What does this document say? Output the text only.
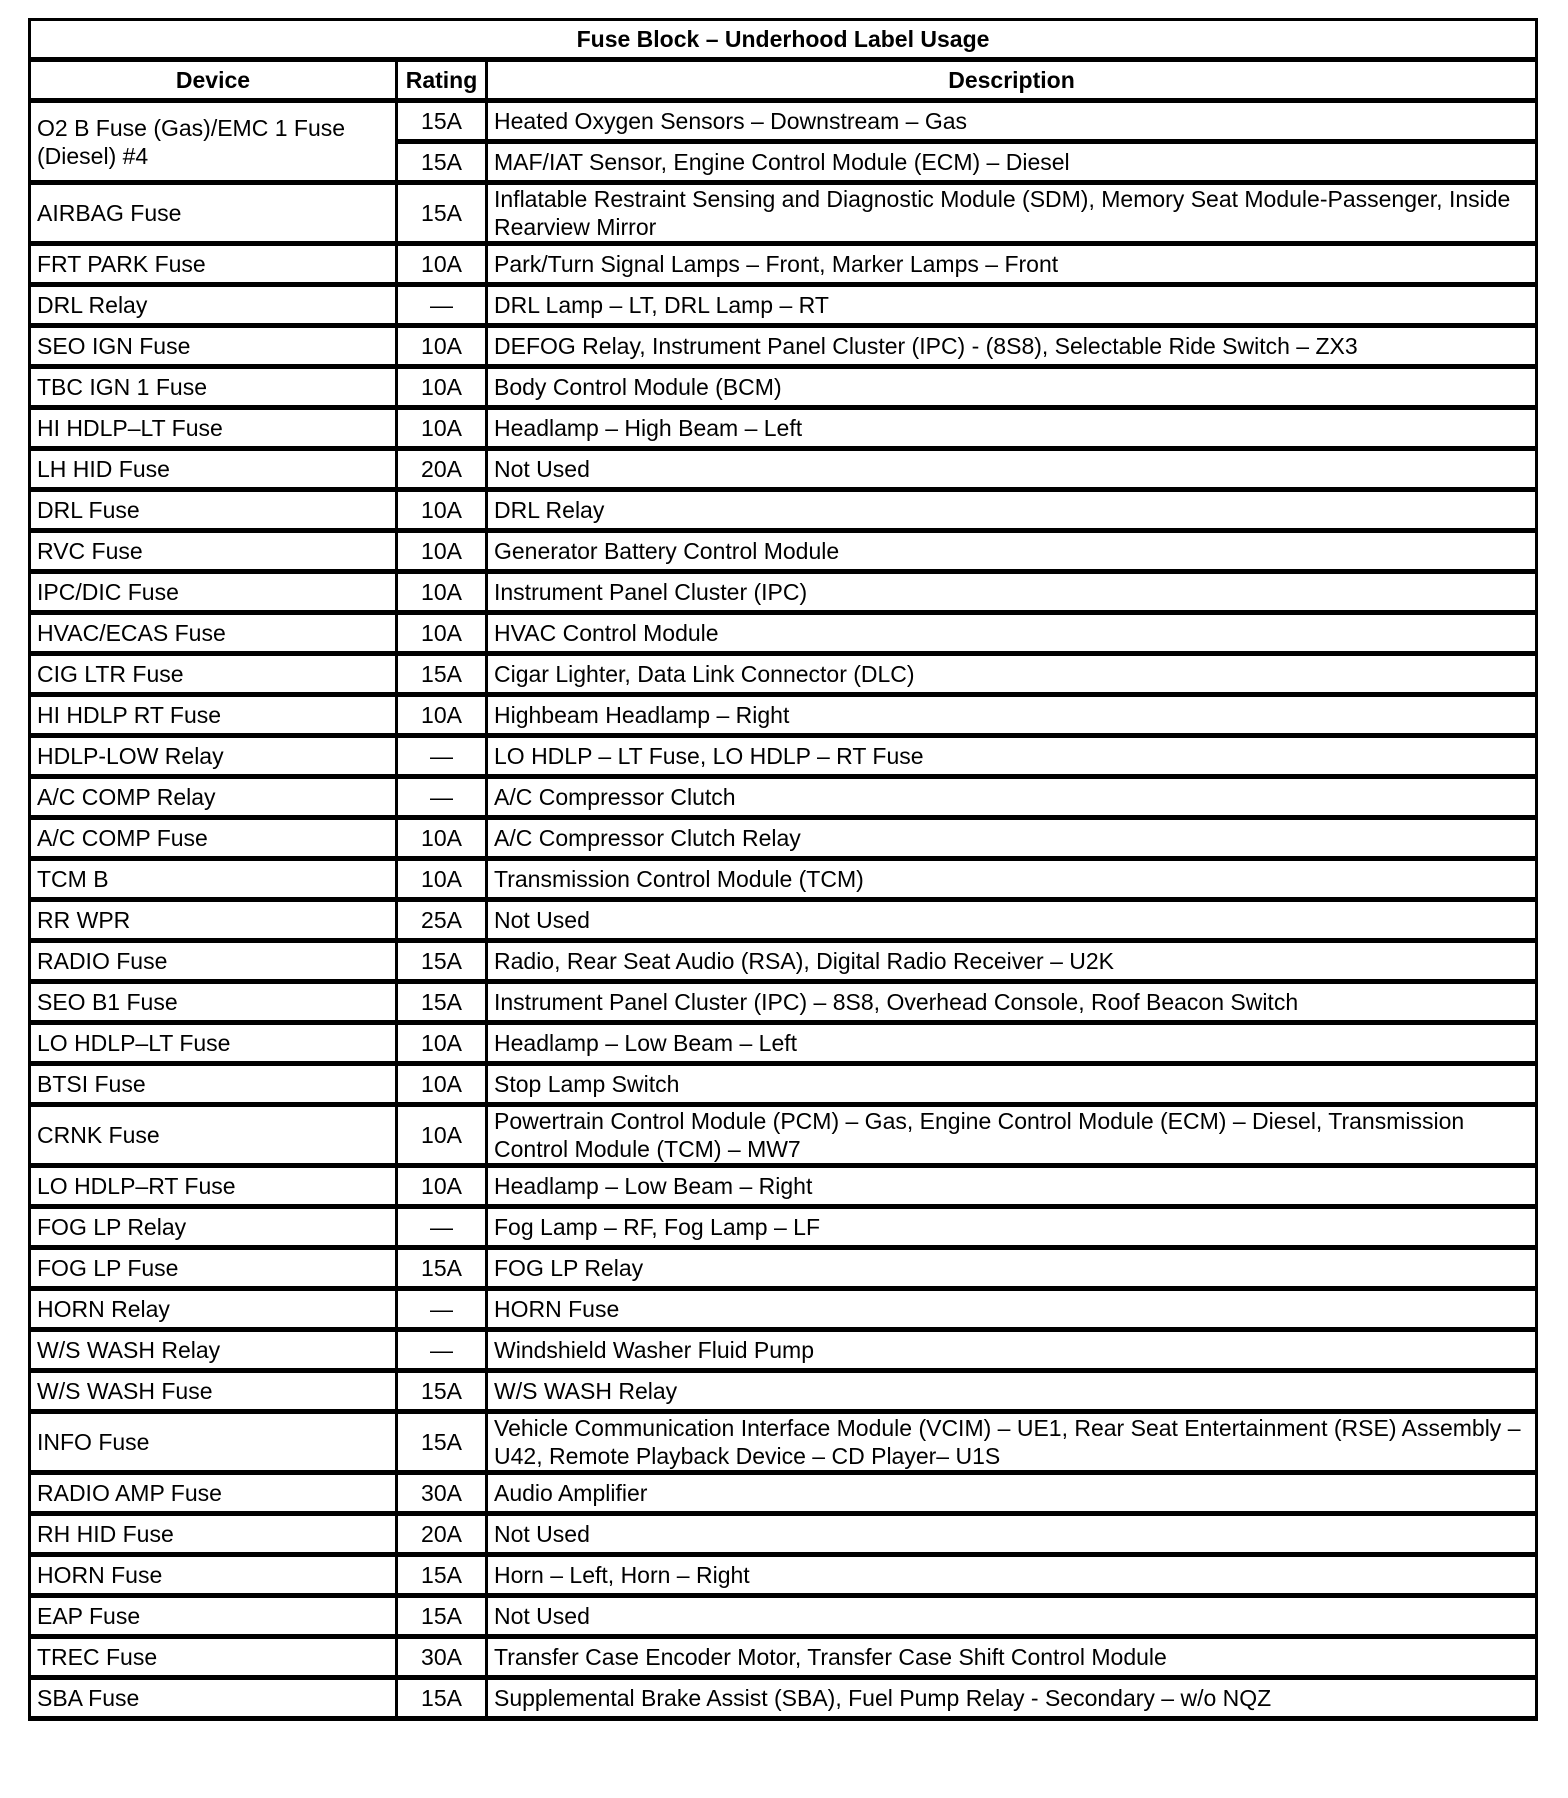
Fuse Block – Underhood Label Usage		
Device	Rating	Description
O2 B Fuse (Gas)/EMC 1 Fuse (Diesel) #4	15A	Heated Oxygen Sensors – Downstream – Gas
	15A	MAF/IAT Sensor, Engine Control Module (ECM) – Diesel
AIRBAG Fuse	15A	Inflatable Restraint Sensing and Diagnostic Module (SDM), Memory Seat Module-Passenger, Inside Rearview Mirror
FRT PARK Fuse	10A	Park/Turn Signal Lamps – Front, Marker Lamps – Front
DRL Relay	—	DRL Lamp – LT, DRL Lamp – RT
SEO IGN Fuse	10A	DEFOG Relay, Instrument Panel Cluster (IPC) - (8S8), Selectable Ride Switch – ZX3
TBC IGN 1 Fuse	10A	Body Control Module (BCM)
HI HDLP–LT Fuse	10A	Headlamp – High Beam – Left
LH HID Fuse	20A	Not Used
DRL Fuse	10A	DRL Relay
RVC Fuse	10A	Generator Battery Control Module
IPC/DIC Fuse	10A	Instrument Panel Cluster (IPC)
HVAC/ECAS Fuse	10A	HVAC Control Module
CIG LTR Fuse	15A	Cigar Lighter, Data Link Connector (DLC)
HI HDLP RT Fuse	10A	Highbeam Headlamp – Right
HDLP-LOW Relay	—	LO HDLP – LT Fuse, LO HDLP – RT Fuse
A/C COMP Relay	—	A/C Compressor Clutch
A/C COMP Fuse	10A	A/C Compressor Clutch Relay
TCM B	10A	Transmission Control Module (TCM)
RR WPR	25A	Not Used
RADIO Fuse	15A	Radio, Rear Seat Audio (RSA), Digital Radio Receiver – U2K
SEO B1 Fuse	15A	Instrument Panel Cluster (IPC) – 8S8, Overhead Console, Roof Beacon Switch
LO HDLP–LT Fuse	10A	Headlamp – Low Beam – Left
BTSI Fuse	10A	Stop Lamp Switch
CRNK Fuse	10A	Powertrain Control Module (PCM) – Gas, Engine Control Module (ECM) – Diesel, Transmission Control Module (TCM) – MW7
LO HDLP–RT Fuse	10A	Headlamp – Low Beam – Right
FOG LP Relay	—	Fog Lamp – RF, Fog Lamp – LF
FOG LP Fuse	15A	FOG LP Relay
HORN Relay	—	HORN Fuse
W/S WASH Relay	—	Windshield Washer Fluid Pump
W/S WASH Fuse	15A	W/S WASH Relay
INFO Fuse	15A	Vehicle Communication Interface Module (VCIM) – UE1, Rear Seat Entertainment (RSE) Assembly – U42, Remote Playback Device – CD Player– U1S
RADIO AMP Fuse	30A	Audio Amplifier
RH HID Fuse	20A	Not Used
HORN Fuse	15A	Horn – Left, Horn – Right
EAP Fuse	15A	Not Used
TREC Fuse	30A	Transfer Case Encoder Motor, Transfer Case Shift Control Module
SBA Fuse	15A	Supplemental Brake Assist (SBA), Fuel Pump Relay - Secondary – w/o NQZ
